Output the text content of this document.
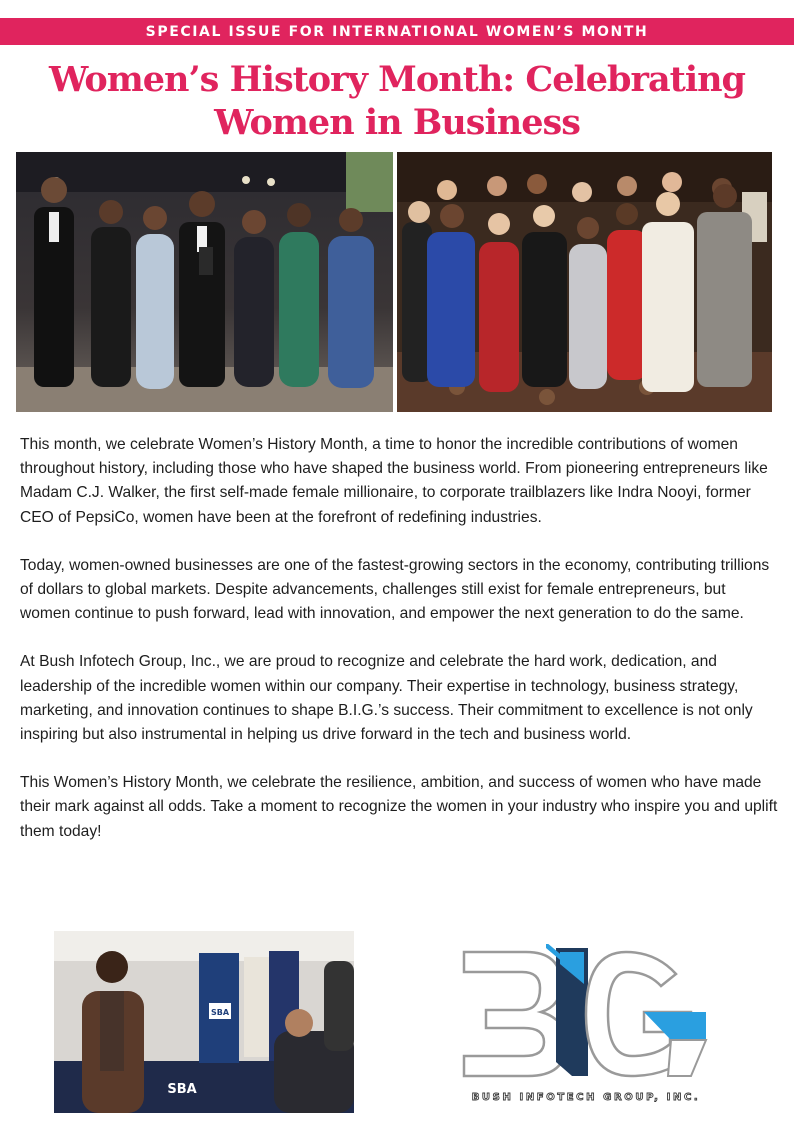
SPECIAL ISSUE FOR INTERNATIONAL WOMEN’S MONTH
Women’s History Month: Celebrating
Women in Business

This month, we celebrate Women’s History Month, a time to honor the incredible contributions of women throughout history, including those who have shaped the business world. From pioneering entrepreneurs like Madam C.J. Walker, the first self-made female millionaire, to corporate trailblazers like Indra Nooyi, former CEO of PepsiCo, women have been at the forefront of redefining industries.

Today, women-owned businesses are one of the fastest-growing sectors in the economy, contributing trillions of dollars to global markets. Despite advancements, challenges still exist for female entrepreneurs, but women continue to push forward, lead with innovation, and empower the next generation to do the same.

At Bush Infotech Group, Inc., we are proud to recognize and celebrate the hard work, dedication, and leadership of the incredible women within our company. Their expertise in technology, business strategy, marketing, and innovation continues to shape B.I.G.’s success. Their commitment to excellence is not only inspiring but also instrumental in helping us drive forward in the tech and business world.

This Women’s History Month, we celebrate the resilience, ambition, and success of women who have made their mark against all odds. Take a moment to recognize the women in your industry who inspire you and uplift them today!

SBA
SBA
BUSH INFOTECH GROUP, INC.
